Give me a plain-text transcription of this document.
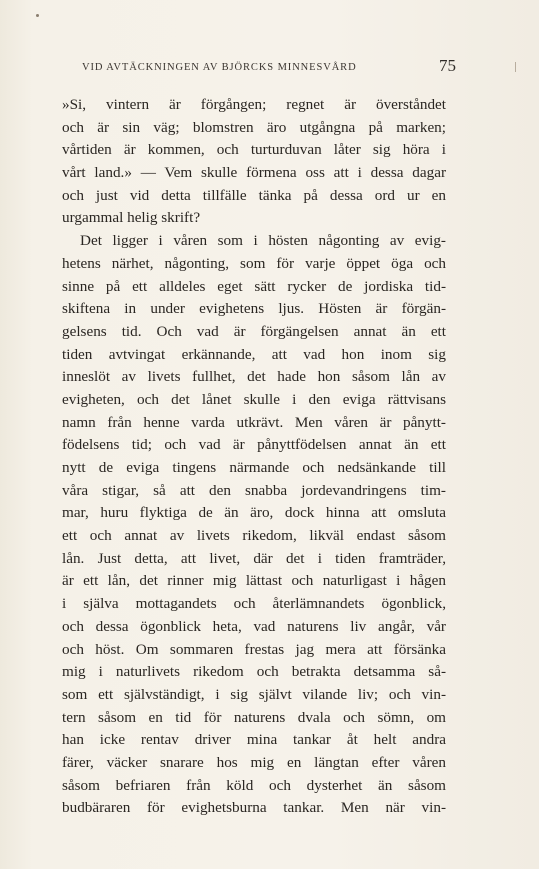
VID AVTÄCKNINGEN AV BJÖRCKS MINNESVÅRD	75
»Si, vintern är förgången; regnet är överståndet
och är sin väg; blomstren äro utgångna på marken;
vårtiden är kommen, och turturduvan låter sig höra i
vårt land.» — Vem skulle förmena oss att i dessa dagar
och just vid detta tillfälle tänka på dessa ord ur en
urgammal helig skrift?
Det ligger i våren som i hösten någonting av evig-
hetens närhet, någonting, som för varje öppet öga och
sinne på ett alldeles eget sätt rycker de jordiska tid-
skiftena in under evighetens ljus. Hösten är förgän-
gelsens tid. Och vad är förgängelsen annat än ett
tiden avtvingat erkännande, att vad hon inom sig
inneslöt av livets fullhet, det hade hon såsom lån av
evigheten, och det lånet skulle i den eviga rättvisans
namn från henne varda utkrävt. Men våren är pånytt-
födelsens tid; och vad är pånyttfödelsen annat än ett
nytt de eviga tingens närmande och nedsänkande till
våra stigar, så att den snabba jordevandringens tim-
mar, huru flyktiga de än äro, dock hinna att omsluta
ett och annat av livets rikedom, likväl endast såsom
lån. Just detta, att livet, där det i tiden framträder,
är ett lån, det rinner mig lättast och naturligast i hågen
i själva mottagandets och återlämnandets ögonblick,
och dessa ögonblick heta, vad naturens liv angår, vår
och höst. Om sommaren frestas jag mera att försänka
mig i naturlivets rikedom och betrakta detsamma så-
som ett självständigt, i sig självt vilande liv; och vin-
tern såsom en tid för naturens dvala och sömn, om
han icke rentav driver mina tankar åt helt andra
färer, väcker snarare hos mig en längtan efter våren
såsom befriaren från köld och dysterhet än såsom
budbäraren för evighetsburna tankar. Men när vin-
